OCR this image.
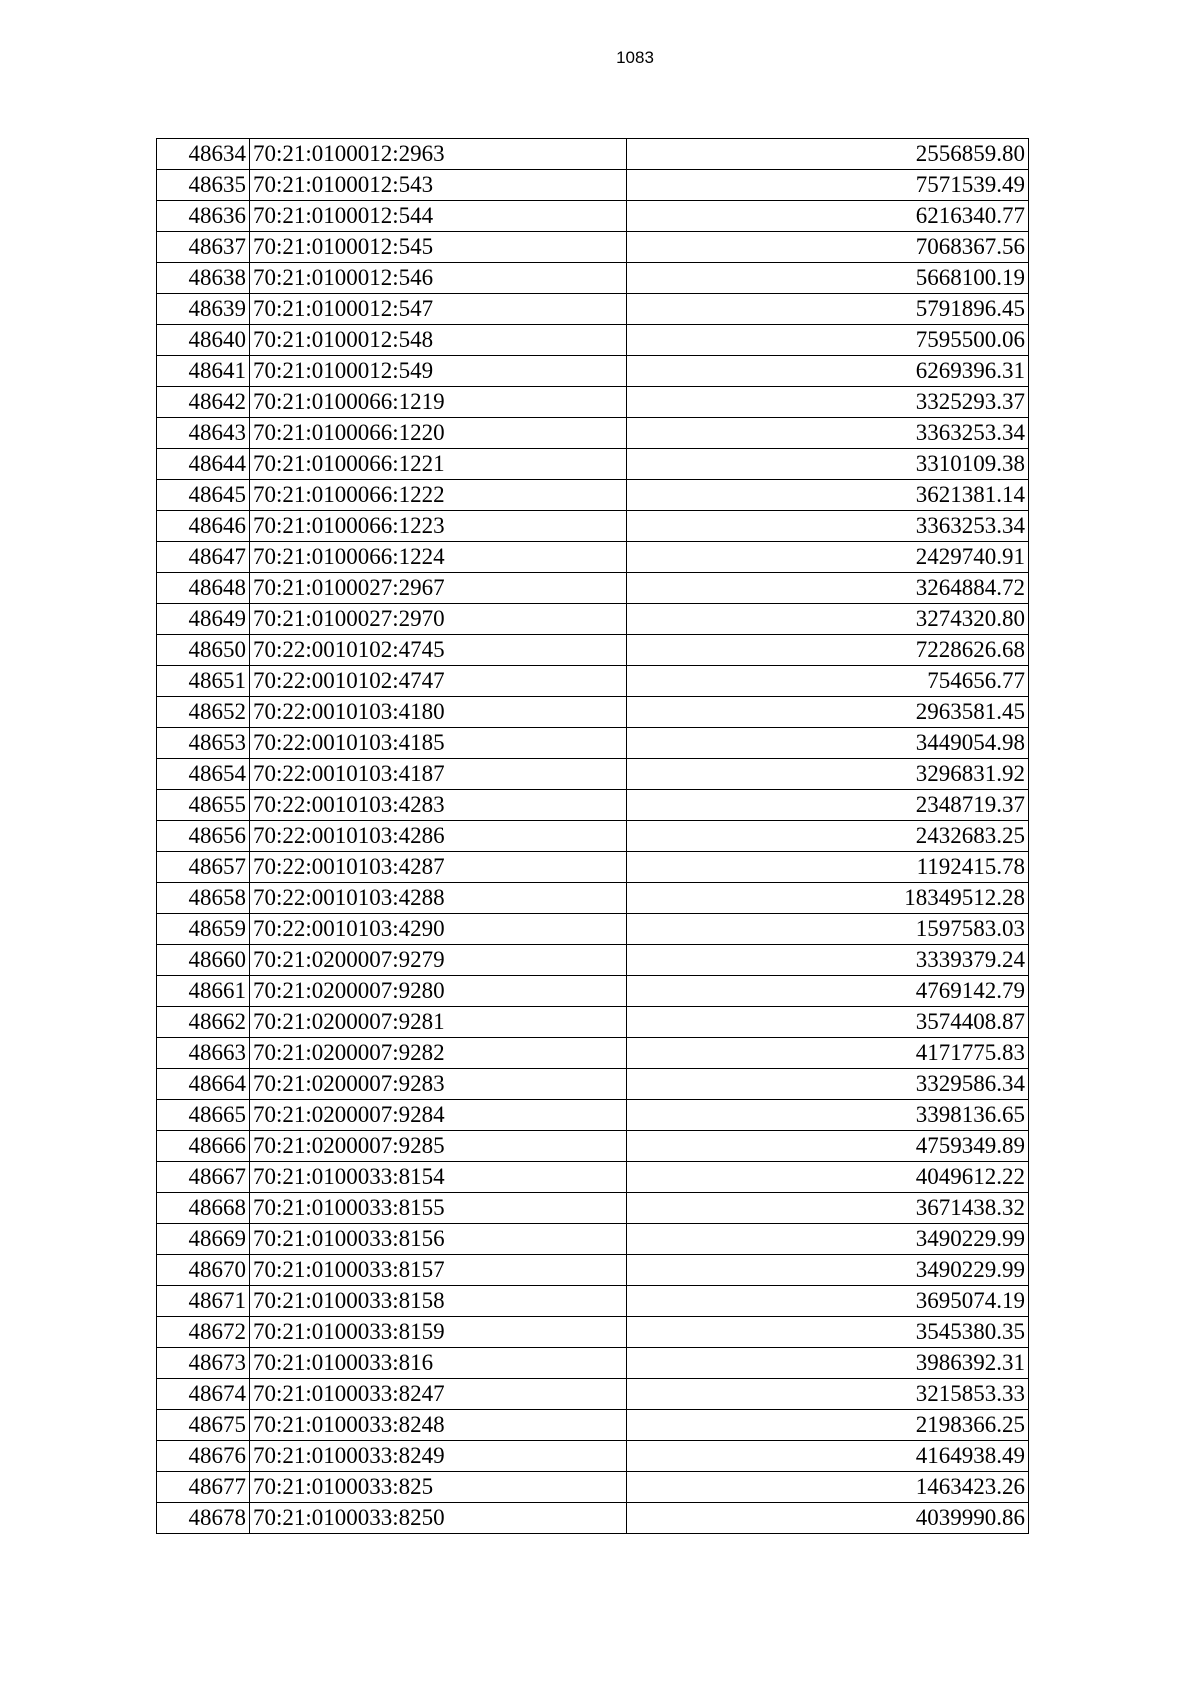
1083
48634	70:21:0100012:2963	2556859.80
48635	70:21:0100012:543	7571539.49
48636	70:21:0100012:544	6216340.77
48637	70:21:0100012:545	7068367.56
48638	70:21:0100012:546	5668100.19
48639	70:21:0100012:547	5791896.45
48640	70:21:0100012:548	7595500.06
48641	70:21:0100012:549	6269396.31
48642	70:21:0100066:1219	3325293.37
48643	70:21:0100066:1220	3363253.34
48644	70:21:0100066:1221	3310109.38
48645	70:21:0100066:1222	3621381.14
48646	70:21:0100066:1223	3363253.34
48647	70:21:0100066:1224	2429740.91
48648	70:21:0100027:2967	3264884.72
48649	70:21:0100027:2970	3274320.80
48650	70:22:0010102:4745	7228626.68
48651	70:22:0010102:4747	754656.77
48652	70:22:0010103:4180	2963581.45
48653	70:22:0010103:4185	3449054.98
48654	70:22:0010103:4187	3296831.92
48655	70:22:0010103:4283	2348719.37
48656	70:22:0010103:4286	2432683.25
48657	70:22:0010103:4287	1192415.78
48658	70:22:0010103:4288	18349512.28
48659	70:22:0010103:4290	1597583.03
48660	70:21:0200007:9279	3339379.24
48661	70:21:0200007:9280	4769142.79
48662	70:21:0200007:9281	3574408.87
48663	70:21:0200007:9282	4171775.83
48664	70:21:0200007:9283	3329586.34
48665	70:21:0200007:9284	3398136.65
48666	70:21:0200007:9285	4759349.89
48667	70:21:0100033:8154	4049612.22
48668	70:21:0100033:8155	3671438.32
48669	70:21:0100033:8156	3490229.99
48670	70:21:0100033:8157	3490229.99
48671	70:21:0100033:8158	3695074.19
48672	70:21:0100033:8159	3545380.35
48673	70:21:0100033:816	3986392.31
48674	70:21:0100033:8247	3215853.33
48675	70:21:0100033:8248	2198366.25
48676	70:21:0100033:8249	4164938.49
48677	70:21:0100033:825	1463423.26
48678	70:21:0100033:8250	4039990.86
